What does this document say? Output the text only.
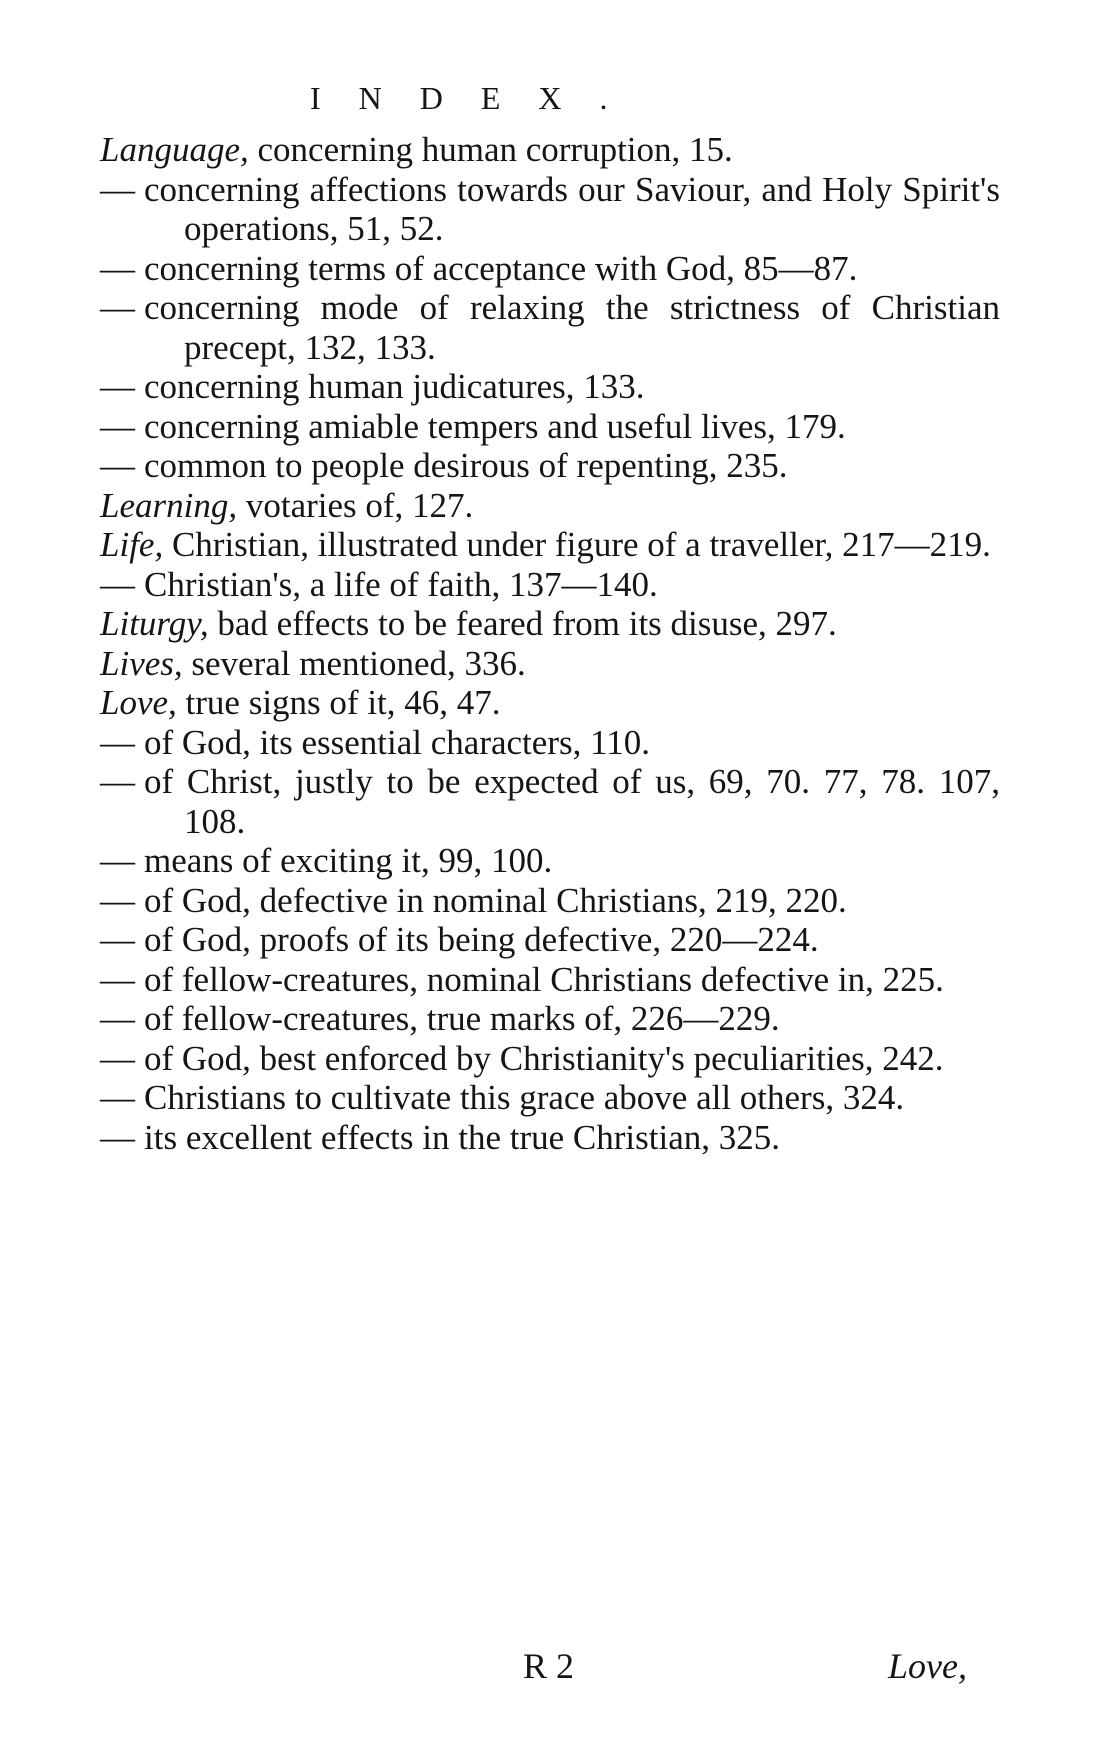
INDEX.

Language, concerning human corruption, 15.

— concerning affections towards our Saviour, and Holy Spirit's operations, 51, 52.

— concerning terms of acceptance with God, 85—87.

— concerning mode of relaxing the strictness of Christian precept, 132, 133.

— concerning human judicatures, 133.

— concerning amiable tempers and useful lives, 179.

— common to people desirous of repenting, 235.

Learning, votaries of, 127.

Life, Christian, illustrated under figure of a traveller, 217—219.

— Christian's, a life of faith, 137—140.

Liturgy, bad effects to be feared from its disuse, 297.

Lives, several mentioned, 336.

Love, true signs of it, 46, 47.

— of God, its essential characters, 110.

— of Christ, justly to be expected of us, 69, 70. 77, 78. 107, 108.

— means of exciting it, 99, 100.

— of God, defective in nominal Christians, 219, 220.

— of God, proofs of its being defective, 220—224.

— of fellow-creatures, nominal Christians defective in, 225.

— of fellow-creatures, true marks of, 226—229.

— of God, best enforced by Christianity's peculiarities, 242.

— Christians to cultivate this grace above all others, 324.

— its excellent effects in the true Christian, 325.

R 2	Love,
